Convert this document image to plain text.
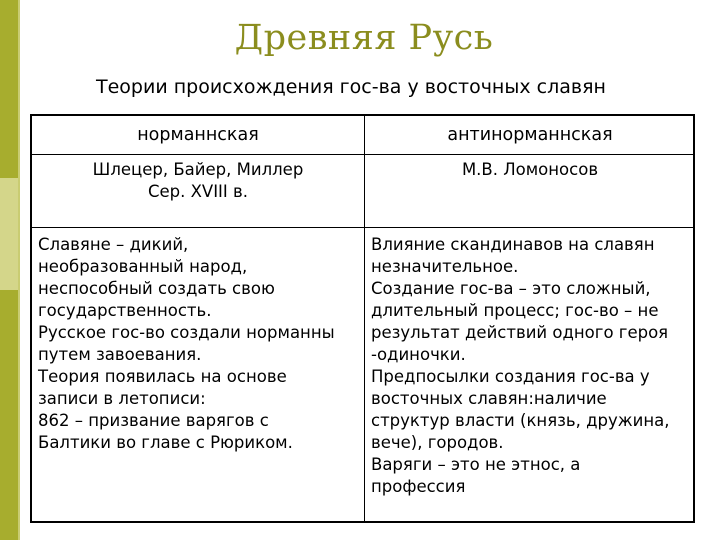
Древняя Русь
Теории происхождения гос-ва у восточных славян
норманнская	антинорманнская
Шлецер, Байер, Миллер
Сер. XVIII в.
М.В. Ломоносов
Славяне – дикий,
необразованный народ,
неспособный создать свою
государственность.
Русское гос-во создали норманны
путем завоевания.
Теория появилась на основе
записи в летописи:
862 – призвание варягов с
Балтики во главе с Рюриком.
Влияние скандинавов на славян
незначительное.
Создание гос-ва – это сложный,
длительный процесс; гос-во – не
результат действий одного героя
-одиночки.
Предпосылки создания гос-ва у
восточных славян:наличие
структур власти (князь, дружина,
вече), городов.
Варяги – это не этнос, а
профессия
